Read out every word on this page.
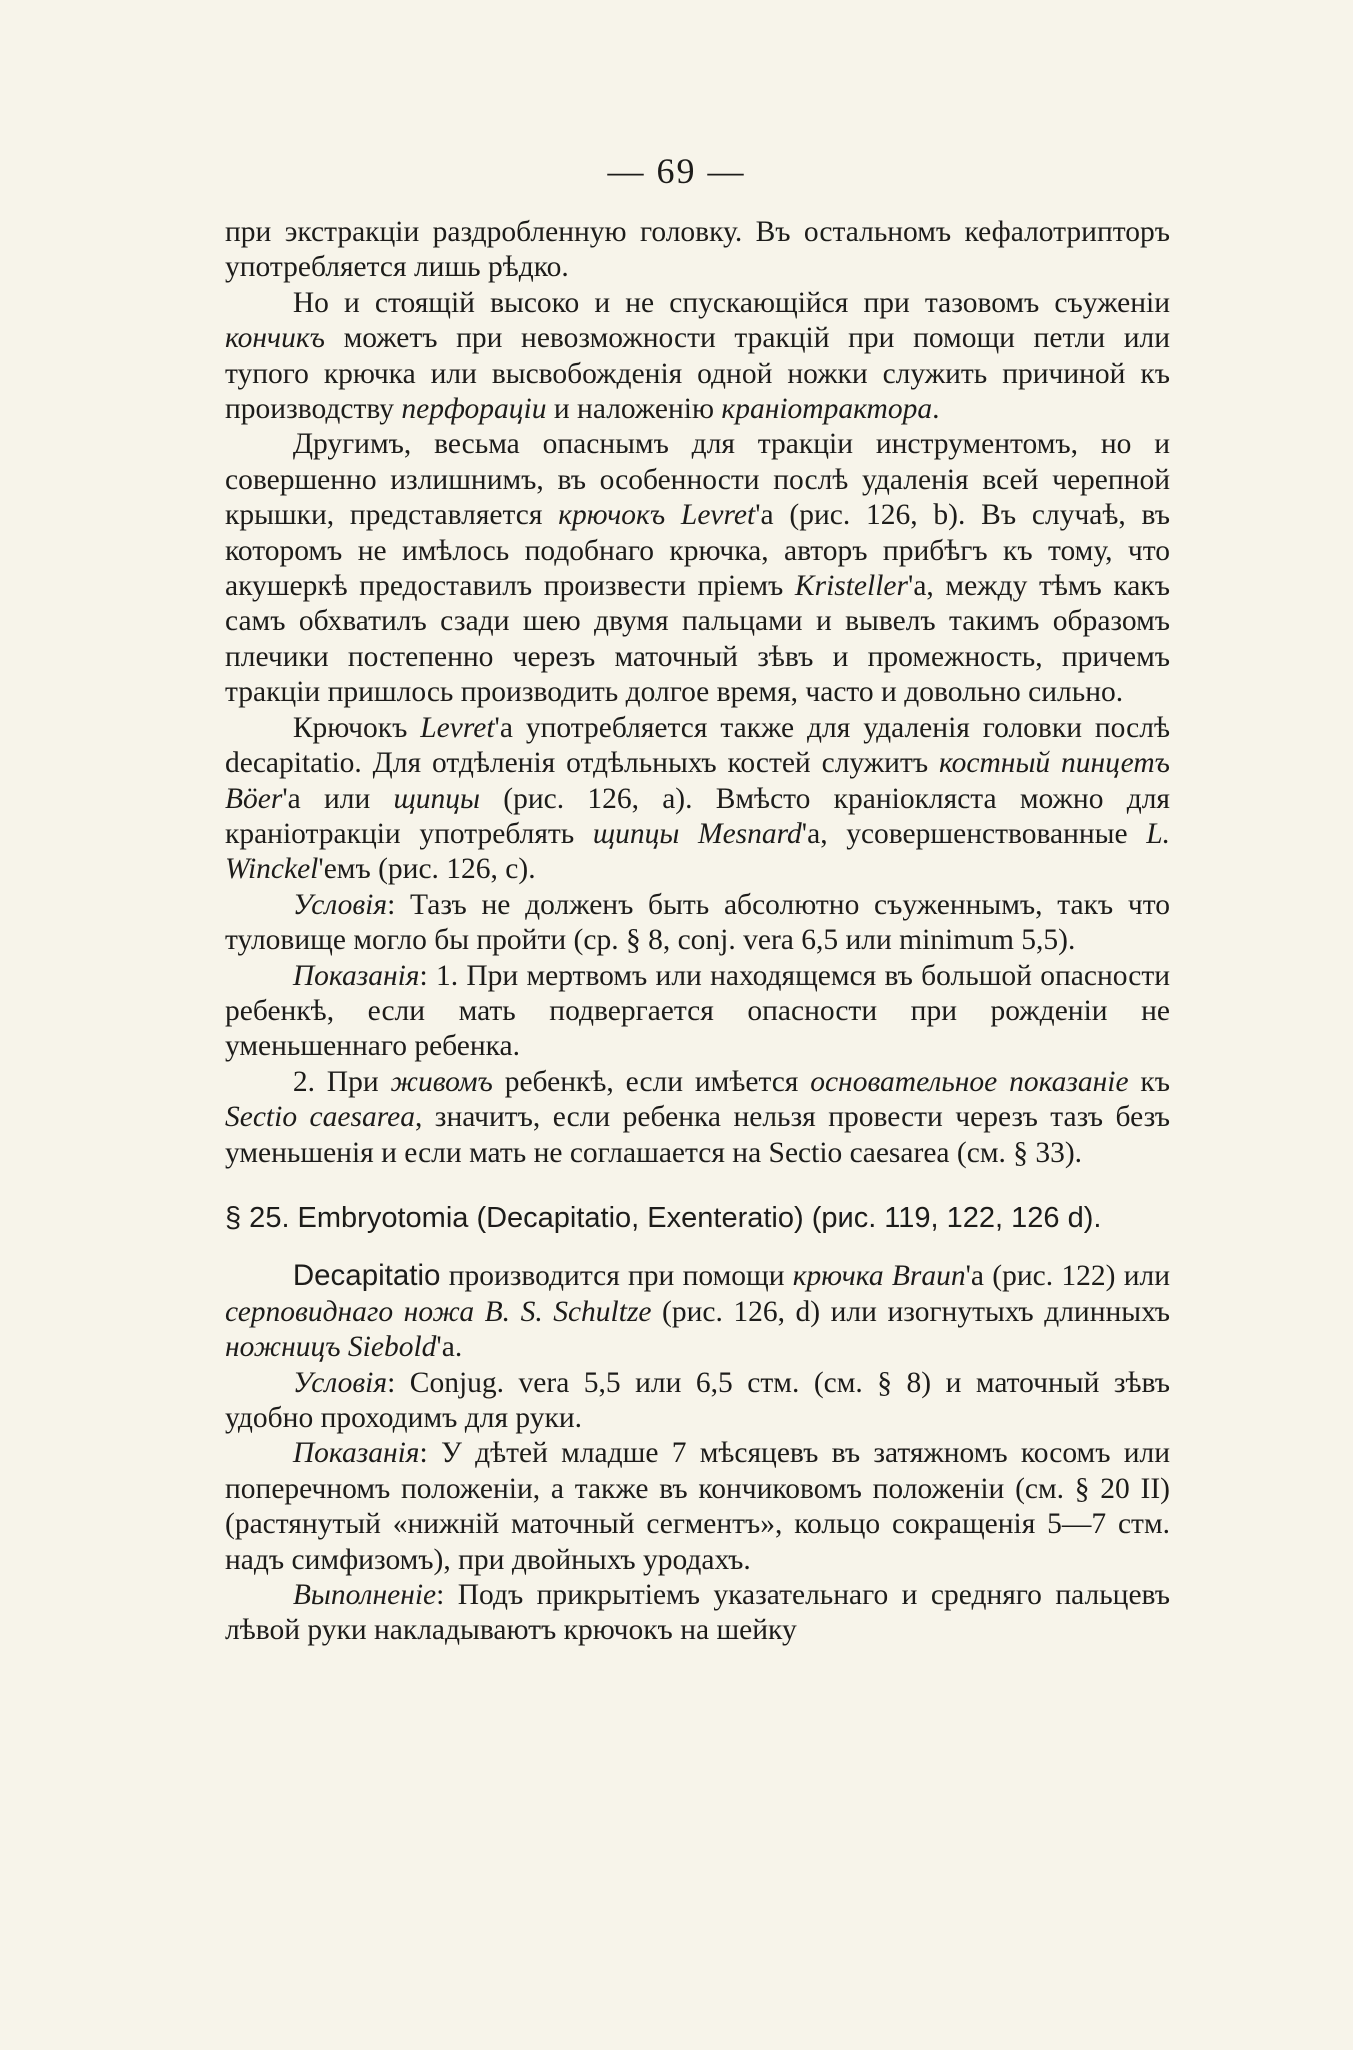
— 69 —

при экстракціи раздробленную головку. Въ остальномъ кефалотрипторъ употребляется лишь рѣдко.

Но и стоящій высоко и не спускающійся при тазовомъ съуженіи кончикъ можетъ при невозможности тракцій при помощи петли или тупого крючка или высвобожденія одной ножки служить причиной къ производству перфораціи и наложенію краніотрактора.

Другимъ, весьма опаснымъ для тракціи инструментомъ, но и совершенно излишнимъ, въ особенности послѣ удаленія всей черепной крышки, представляется крючокъ Levret'а (рис. 126, b). Въ случаѣ, въ которомъ не имѣлось подобнаго крючка, авторъ прибѣгъ къ тому, что акушеркѣ предоставилъ произвести пріемъ Kristeller'а, между тѣмъ какъ самъ обхватилъ сзади шею двумя пальцами и вывелъ такимъ образомъ плечики постепенно черезъ маточный зѣвъ и промежность, причемъ тракціи пришлось производить долгое время, часто и довольно сильно.

Крючокъ Levret'а употребляется также для удаленія головки послѣ decapitatio. Для отдѣленія отдѣльныхъ костей служитъ костный пинцетъ Böer'а или щипцы (рис. 126, a). Вмѣсто краніокляста можно для краніотракціи употреблять щипцы Mesnard'а, усовершенствованные L. Winckel'емъ (рис. 126, c).

Условія: Тазъ не долженъ быть абсолютно съуженнымъ, такъ что туловище могло бы пройти (ср. § 8, conj. vera 6,5 или minimum 5,5).

Показанія: 1. При мертвомъ или находящемся въ большой опасности ребенкѣ, если мать подвергается опасности при рожденіи не уменьшеннаго ребенка.

2. При живомъ ребенкѣ, если имѣется основательное показаніе къ Sectio caesarea, значитъ, если ребенка нельзя провести черезъ тазъ безъ уменьшенія и если мать не соглашается на Sectio caesarea (см. § 33).

§ 25. Embryotomia (Decapitatio, Exenteratio) (рис. 119, 122, 126 d).

Decapitatio производится при помощи крючка Braun'а (рис. 122) или серповиднаго ножа B. S. Schultze (рис. 126, d) или изогнутыхъ длинныхъ ножницъ Siebold'а.

Условія: Conjug. vera 5,5 или 6,5 стм. (см. § 8) и маточный зѣвъ удобно проходимъ для руки.

Показанія: У дѣтей младше 7 мѣсяцевъ въ затяжномъ косомъ или поперечномъ положеніи, а также въ кончиковомъ положеніи (см. § 20 II) (растянутый «нижній маточный сегментъ», кольцо сокращенія 5—7 стм. надъ симфизомъ), при двойныхъ уродахъ.

Выполненіе: Подъ прикрытіемъ указательнаго и средняго пальцевъ лѣвой руки накладываютъ крючокъ на шейку
